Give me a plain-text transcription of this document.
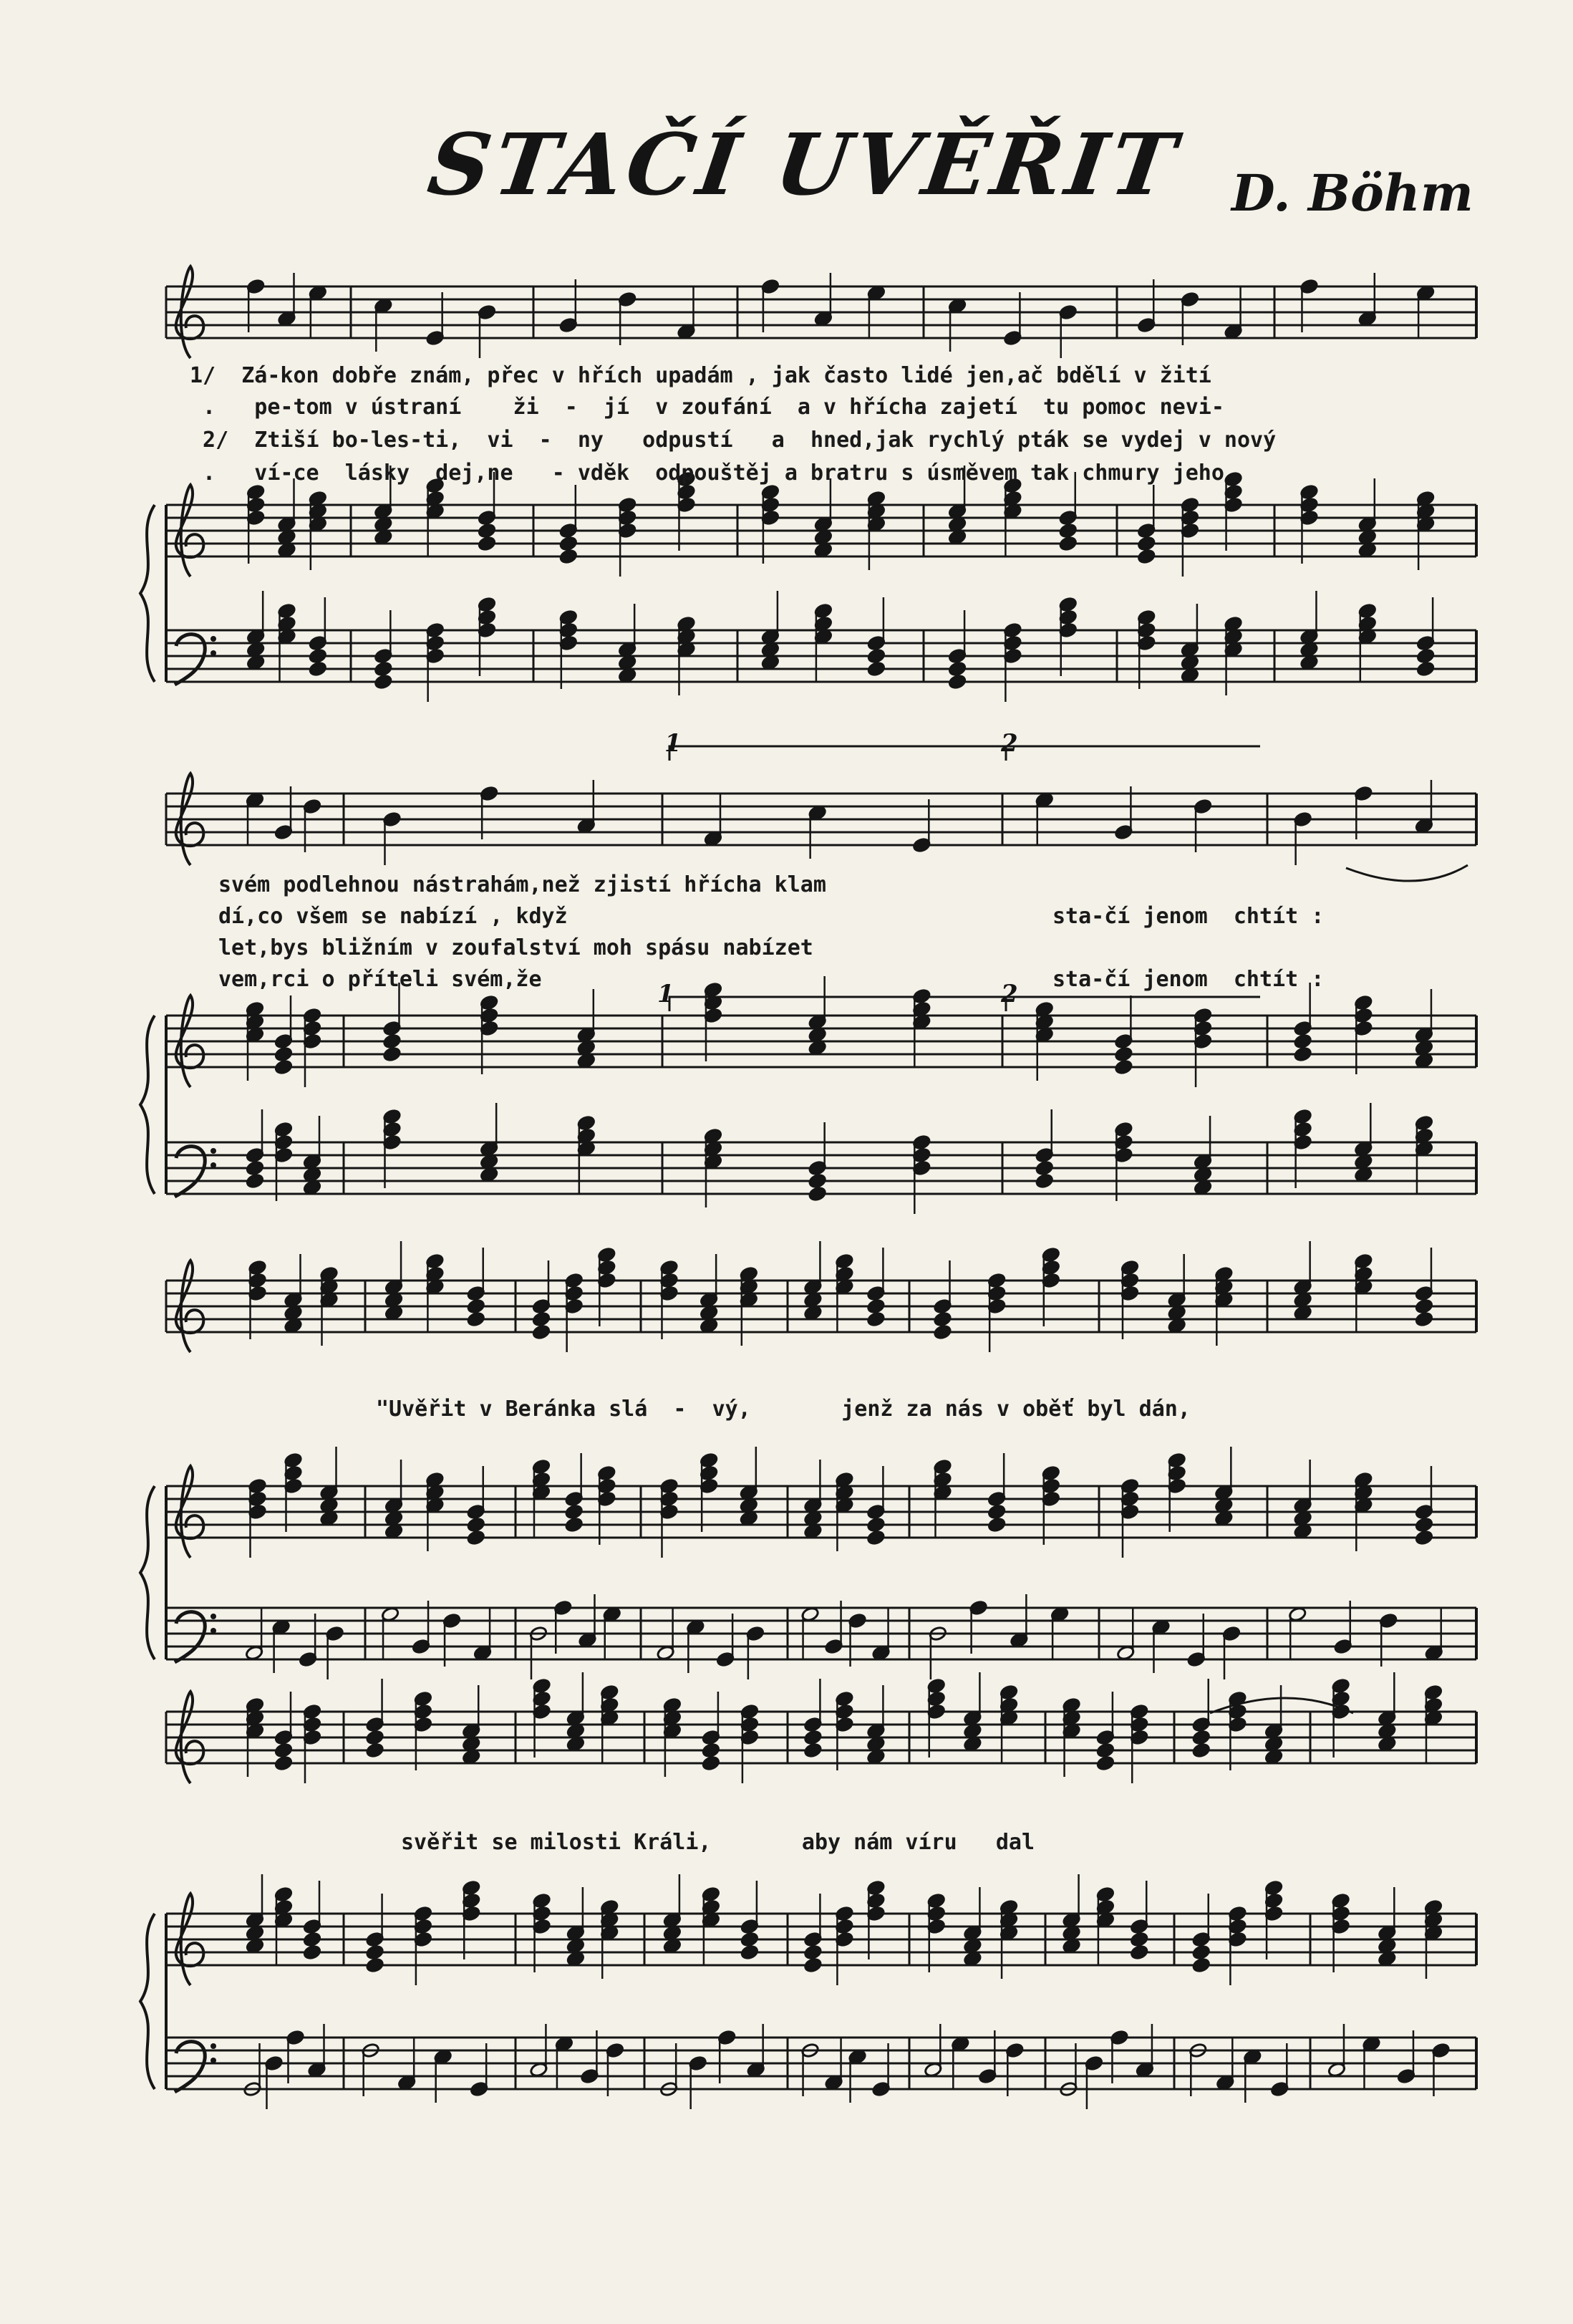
STAČÍ UVĚŘIT D. Böhm
1/  Zá-kon dobře znám, přec v hřích upadám , jak často lidé jen,ač bdělí v žití
.   pe-tom v ústraní    ži  -  jí  v zoufání  a v hřícha zajetí  tu pomoc nevi-
2/  Ztiší bo-les-ti,  vi  -  ny   odpustí   a  hned,jak rychlý pták se vydej v nový
.   ví-ce  lásky  dej,ne   - vděk  odpouštěj a bratru s úsměvem tak chmury jeho
svém podlehnou nástrahám,než zjistí hřícha klam
dí,co všem se nabízí , když
let,bys bližním v zoufalství moh spásu nabízet
vem,rci o příteli svém,že
sta-čí jenom  chtít :
sta-čí jenom  chtít :
"Uvěřit v Beránka slá  -  vý,       jenž za nás v oběť byl dán,
svěřit se milosti Králi,       aby nám víru   dal
1	2
1	2
